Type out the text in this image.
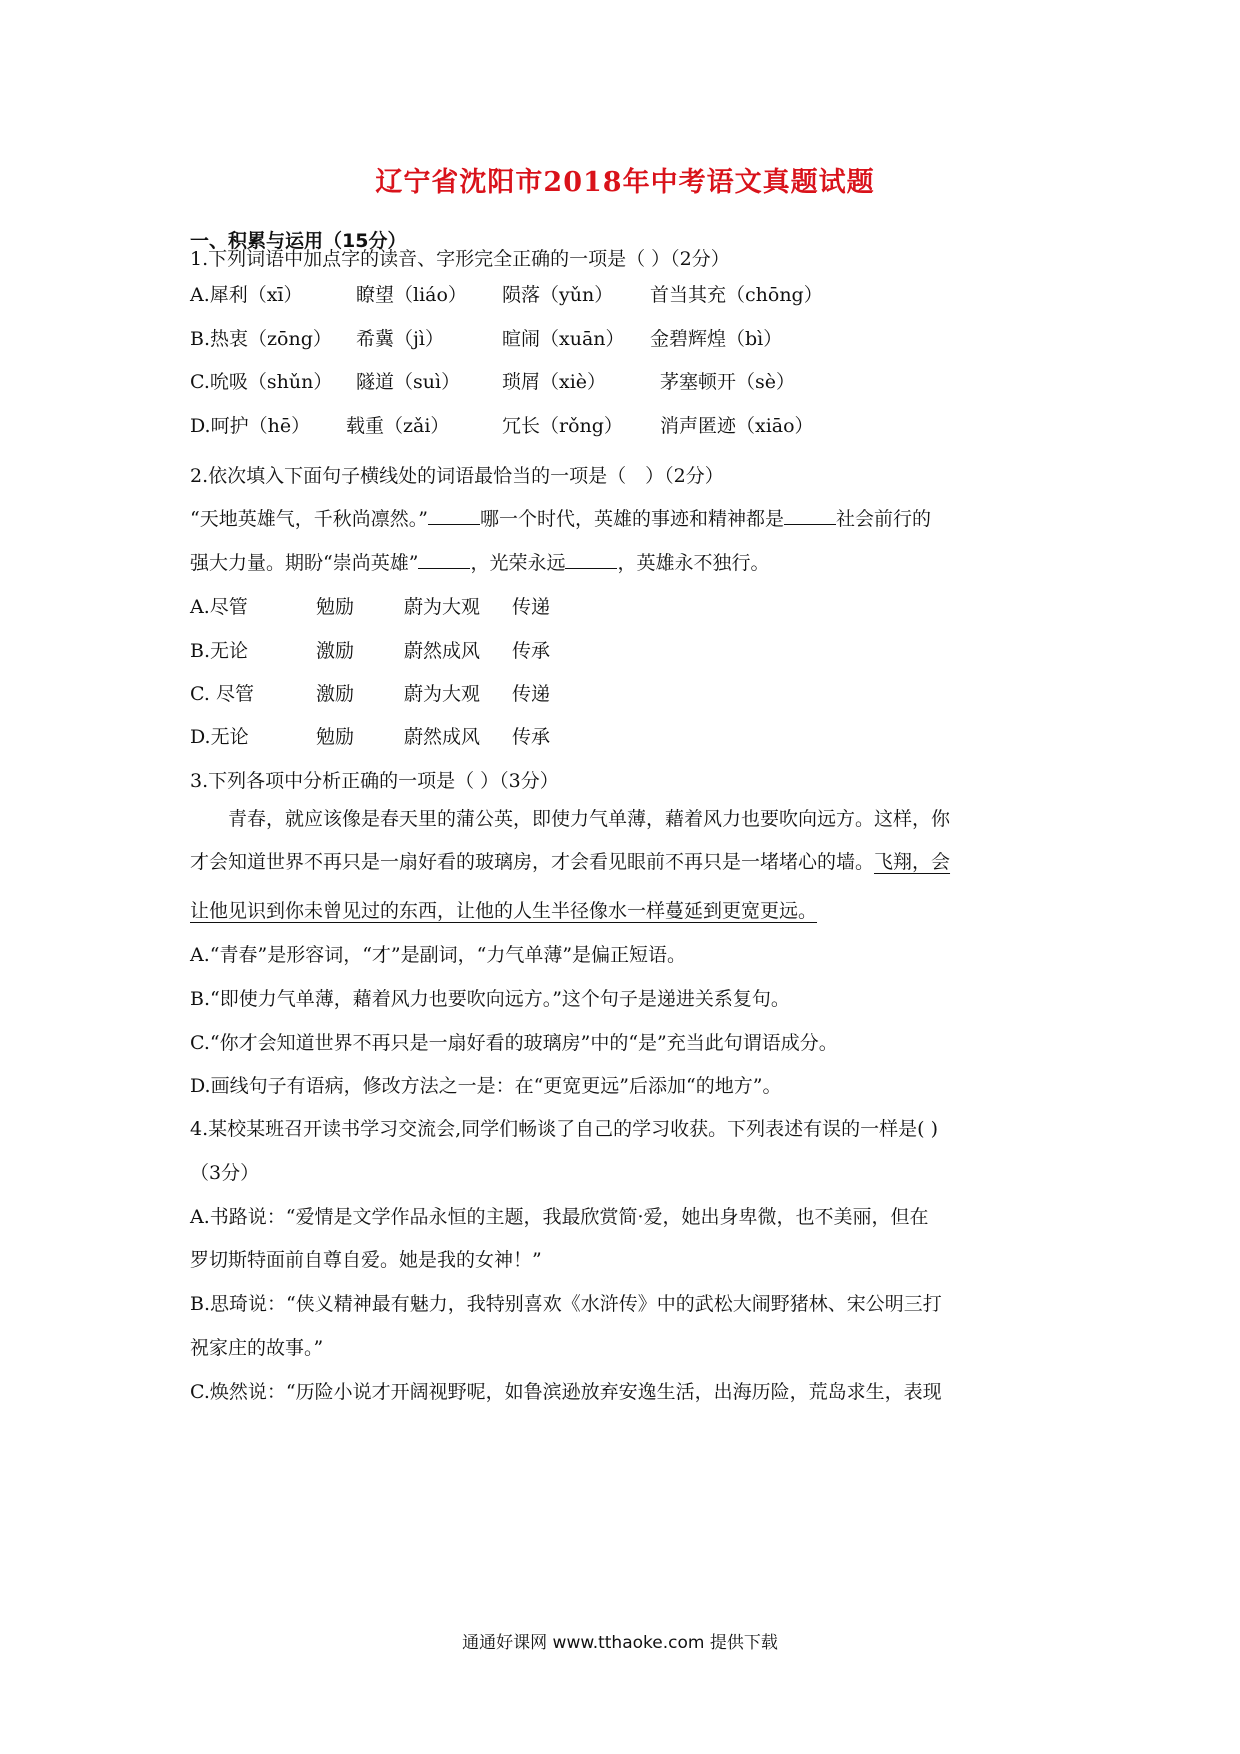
辽宁省沈阳市2018年中考语文真题试题
一、积累与运用（15分）
1.下列词语中加点字的读音、字形完全正确的一项是（ ）（2分）
A.犀利（xī）	瞭望（liáo） 陨落（yǔn） 首当其充（chōng）
B.热衷（zōng） 希冀（jì）	暄闹（xuān） 金碧辉煌（bì）
C.吮吸（shǔn） 隧道（suì） 琐屑（xiè）	茅塞顿开（sè）
D.呵护（hē） 载重（zǎi）	冗长（rǒng） 消声匿迹（xiāo）
2.依次填入下面句子横线处的词语最恰当的一项是（　）（2分）
“天地英雄气，千秋尚凛然。”	哪一个时代，英雄的事迹和精神都是	社会前行的
强大力量。期盼“崇尚英雄”	，光荣永远	，英雄永不独行。
A.尽管	勉励	蔚为大观 传递
B.无论	激励	蔚然成风 传承
C. 尽管	激励	蔚为大观 传递
D.无论	勉励	蔚然成风 传承
3.下列各项中分析正确的一项是（ ）（3分）
青春，就应该像是春天里的蒲公英，即使力气单薄，藉着风力也要吹向远方。这样，你
才会知道世界不再只是一扇好看的玻璃房，才会看见眼前不再只是一堵堵心的墙。飞翔，会
让他见识到你未曾见过的东西，让他的人生半径像水一样蔓延到更宽更远。
A.“青春”是形容词，“才”是副词，“力气单薄”是偏正短语。
B.“即使力气单薄，藉着风力也要吹向远方。”这个句子是递进关系复句。
C.“你才会知道世界不再只是一扇好看的玻璃房”中的“是”充当此句谓语成分。
D.画线句子有语病，修改方法之一是：在“更宽更远”后添加“的地方”。
4.某校某班召开读书学习交流会,同学们畅谈了自己的学习收获。下列表述有误的一样是( )
（3分）
A.书路说：“爱情是文学作品永恒的主题，我最欣赏简·爱，她出身卑微，也不美丽，但在
罗切斯特面前自尊自爱。她是我的女神！”
B.思琦说：“侠义精神最有魅力，我特别喜欢《水浒传》中的武松大闹野猪林、宋公明三打
祝家庄的故事。”
C.焕然说：“历险小说才开阔视野呢，如鲁滨逊放弃安逸生活，出海历险，荒岛求生，表现
通通好课网 www.tthaoke.com 提供下载
